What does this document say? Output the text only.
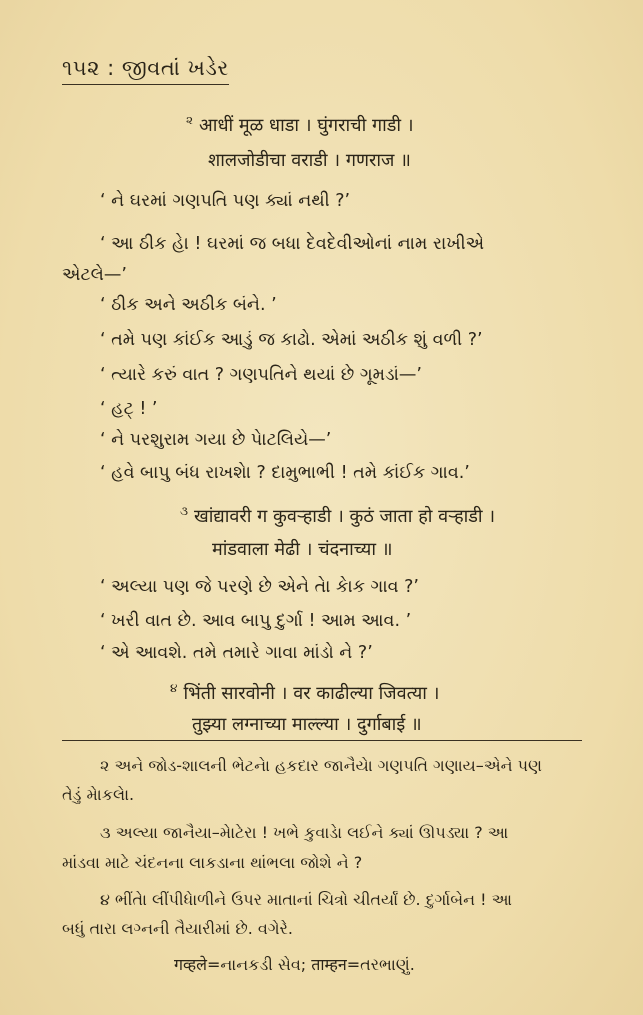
૧૫૨ : જીવતાં ખડેર
$^૨$ आधीं मूळ धाडा । घुंगराची गाडी ।
शालजोडीचा वराडी । गणराज ॥
‘ ને ઘરમાં ગણપતિ પણ ક્યાં નથી ?’
‘ આ ઠીક હેા ! ઘરમાં જ બધા દેવદેવીઓનાં નામ રાખીએ
એટલે—’
‘ ઠીક અને અઠીક બંને. ’
‘ તમે પણ કાંઈક આડું જ કાઢો. એમાં અઠીક શું વળી ?’
‘ ત્યારે કરું વાત ? ગણપતિને થયાં છે ગૂમડાં—’
‘ હટ્ ! ’
‘ ને પરશુરામ ગયા છે પેાટલિયે—’
‘ હવે બાપુ બંધ રાખશેા ? દામુભાભી ! તમે કાંઈક ગાવ.’
$^૩$ खांद्यावरी ग कुवऱ्हाडी । कुठं जाता हो वऱ्हाडी ।
मांडवाला मेढी । चंदनाच्या ॥
‘ અલ્યા પણ જે પરણે છે એને તેા કેાક ગાવ ?’
‘ ખરી વાત છે. આવ બાપુ દુર્ગા ! આમ આવ. ’
‘ એ આવશે. તમે તમારે ગાવા માંડો ને ?’
$^૪$ भिंती सारवोनी । वर काढील्या जिवत्या ।
तुझ्या लग्नाच्या माल्ल्या । दुर्गाबाई ॥
૨ અને જોડ-શાલની ભેટનેા હકદાર જાનૈયેા ગણપતિ ગણાય–એને પણ
તેડું મેાકલેા.
૩ અલ્યા જાનૈયા–મેાટેરા ! ખભે કુવાડેા લઈને ક્યાં ઊપડ્યા ? આ
માંડવા માટે ચંદનના લાકડાના થાંભલા જોશે ને ?
૪ ભીંતેા લીંપીધેાળીને ઉપર માતાનાં ચિત્રો ચીતર્યાં છે. દુર્ગાબેન ! આ
બધું તારા લગ્નની તૈયારીમાં છે. વગેરે.
गव्हले=નાનકડી સેવ; ताम्हन=તરભાણું.
